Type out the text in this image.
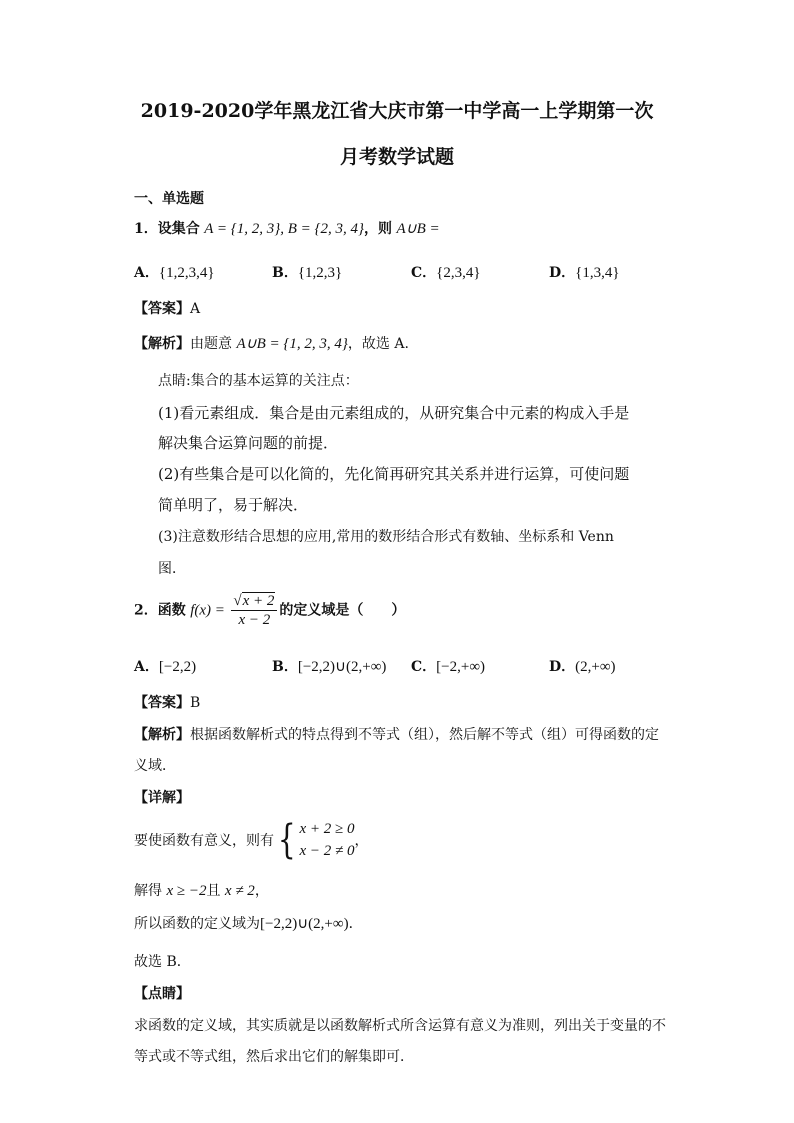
2019-2020学年黑龙江省大庆市第一中学高一上学期第一次
月考数学试题
一、单选题
1．设集合 A = {1, 2, 3}, B = {2, 3, 4}，则 A∪B =
A．{1,2,3,4}	B．{1,2,3}	C．{2,3,4}	D．{1,3,4}
【答案】A
【解析】由题意 A∪B = {1, 2, 3, 4}，故选 A.
点睛:集合的基本运算的关注点：
(1)看元素组成．集合是由元素组成的，从研究集合中元素的构成入手是
解决集合运算问题的前提．
(2)有些集合是可以化简的，先化简再研究其关系并进行运算，可使问题
简单明了，易于解决．
(3)注意数形结合思想的应用,常用的数形结合形式有数轴、坐标系和 Venn
图．
2．函数 $f(x) = \frac{√x + 2}{x - 2}$ 的定义域是（　　）
A．[−2,2)	B．[−2,2)∪(2,+∞) C．[−2,+∞)	D．(2,+∞)
【答案】B
【解析】根据函数解析式的特点得到不等式（组），然后解不等式（组）可得函数的定
义域．
【详解】
要使函数有意义，则有{ x + 2 ≥ 0
x − 2 ≠ 0
，
解得 x ≥ −2且 x ≠ 2，
所以函数的定义域为[−2,2)∪(2,+∞)．
故选 B．
【点睛】
求函数的定义域，其实质就是以函数解析式所含运算有意义为准则，列出关于变量的不
等式或不等式组，然后求出它们的解集即可．
